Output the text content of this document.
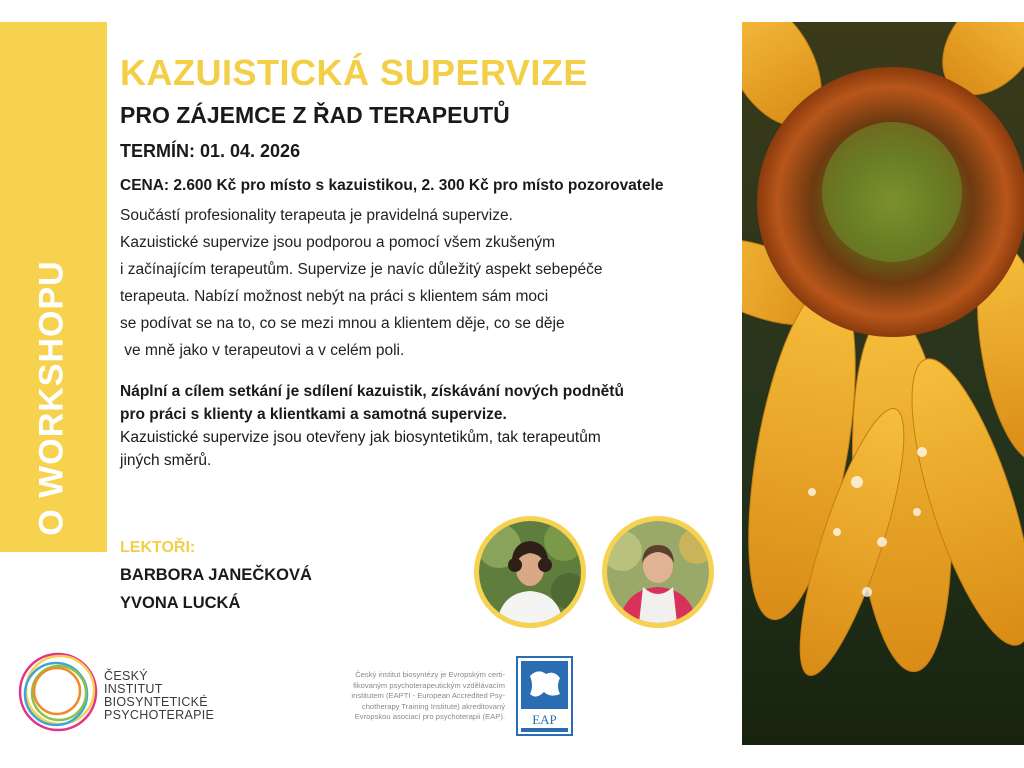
O WORKSHOPU
KAZUISTICKÁ SUPERVIZE
PRO ZÁJEMCE Z ŘAD TERAPEUTŮ
TERMÍN: 01. 04. 2026
CENA: 2.600 Kč pro místo s kazuistikou, 2. 300 Kč pro místo pozorovatele
Součástí profesionality terapeuta je pravidelná supervize.
Kazuistické supervize jsou podporou a pomocí všem zkušeným
i začínajícím terapeutům. Supervize je navíc důležitý aspekt sebepéče
terapeuta. Nabízí možnost nebýt na práci s klientem sám moci
se podívat se na to, co se mezi mnou a klientem děje, co se děje
ve mně jako v terapeutovi a v celém poli.
Náplní a cílem setkání je sdílení kazuistik, získávání nových podnětů
pro práci s klienty a klientkami a samotná supervize.
Kazuistické supervize jsou otevřeny jak biosyntetikům, tak terapeutům
jiných směrů.
LEKTOŘI:
BARBORA JANEČKOVÁ
YVONA LUCKÁ
ČESKÝ
INSTITUT
BIOSYNTETICKÉ
PSYCHOTERAPIE
Český institut biosyntézy je Evropským certi-
fikovaným psychoterapeutickým vzdělávacím
institutem (EAPTI - European Accredited Psy-
chotherapy Training Institute) akreditovaný
Evropskou asociací pro psychoterapii (EAP). EAP
